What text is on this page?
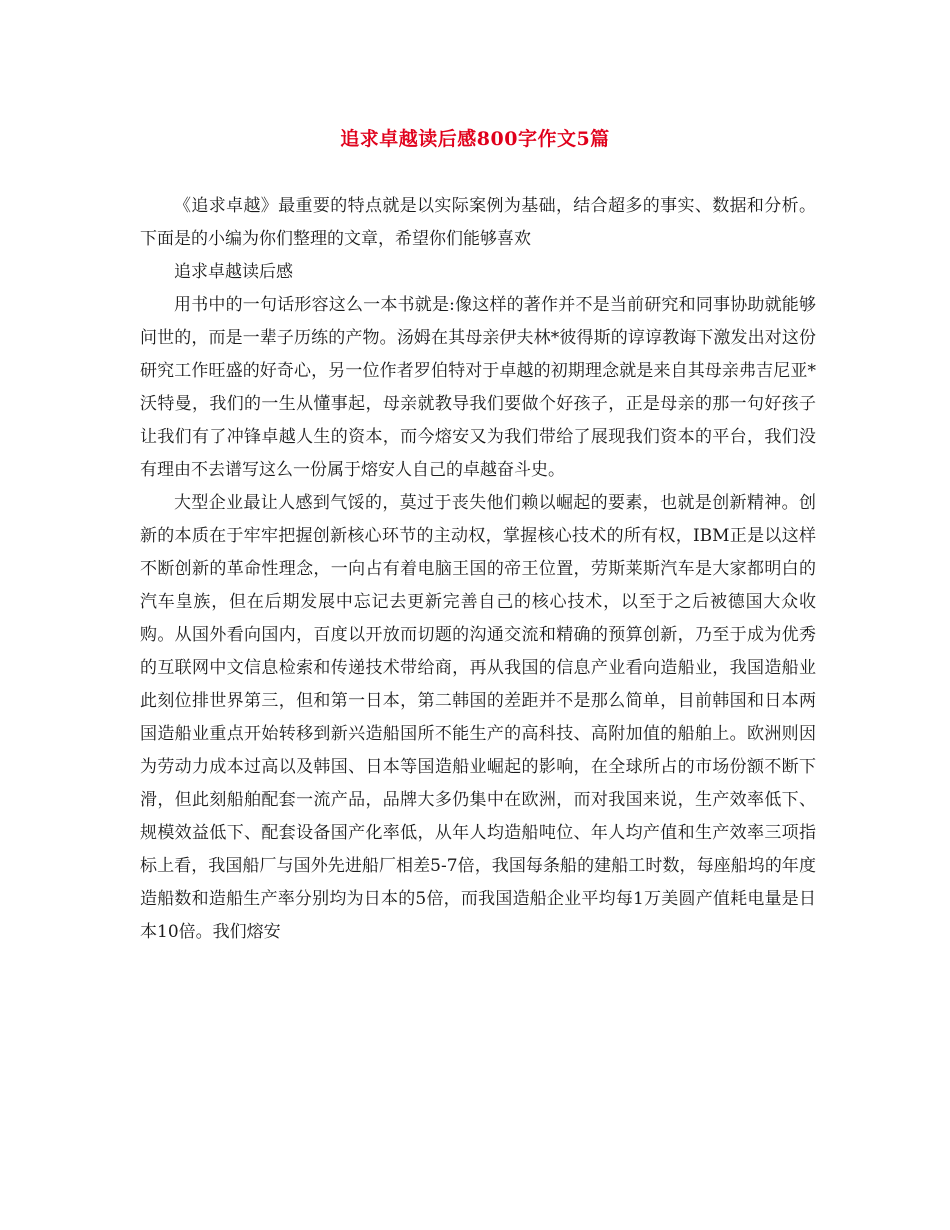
追求卓越读后感800字作文5篇

《追求卓越》最重要的特点就是以实际案例为基础，结合超多的事实、数据和分析。下面是的小编为你们整理的文章，希望你们能够喜欢

追求卓越读后感

用书中的一句话形容这么一本书就是:像这样的著作并不是当前研究和同事协助就能够问世的，而是一辈子历练的产物。汤姆在其母亲伊夫林*彼得斯的谆谆教诲下激发出对这份研究工作旺盛的好奇心，另一位作者罗伯特对于卓越的初期理念就是来自其母亲弗吉尼亚*沃特曼，我们的一生从懂事起，母亲就教导我们要做个好孩子，正是母亲的那一句好孩子让我们有了冲锋卓越人生的资本，而今熔安又为我们带给了展现我们资本的平台，我们没有理由不去谱写这么一份属于熔安人自己的卓越奋斗史。

大型企业最让人感到气馁的，莫过于丧失他们赖以崛起的要素，也就是创新精神。创新的本质在于牢牢把握创新核心环节的主动权，掌握核心技术的所有权，IBM正是以这样不断创新的革命性理念，一向占有着电脑王国的帝王位置，劳斯莱斯汽车是大家都明白的汽车皇族，但在后期发展中忘记去更新完善自己的核心技术，以至于之后被德国大众收购。从国外看向国内，百度以开放而切题的沟通交流和精确的预算创新，乃至于成为优秀的互联网中文信息检索和传递技术带给商，再从我国的信息产业看向造船业，我国造船业此刻位排世界第三，但和第一日本，第二韩国的差距并不是那么简单，目前韩国和日本两国造船业重点开始转移到新兴造船国所不能生产的高科技、高附加值的船舶上。欧洲则因为劳动力成本过高以及韩国、日本等国造船业崛起的影响，在全球所占的市场份额不断下滑，但此刻船舶配套一流产品，品牌大多仍集中在欧洲，而对我国来说，生产效率低下、规模效益低下、配套设备国产化率低，从年人均造船吨位、年人均产值和生产效率三项指标上看，我国船厂与国外先进船厂相差5-7倍，我国每条船的建船工时数，每座船坞的年度造船数和造船生产率分别均为日本的5倍，而我国造船企业平均每1万美圆产值耗电量是日本10倍。我们熔安
